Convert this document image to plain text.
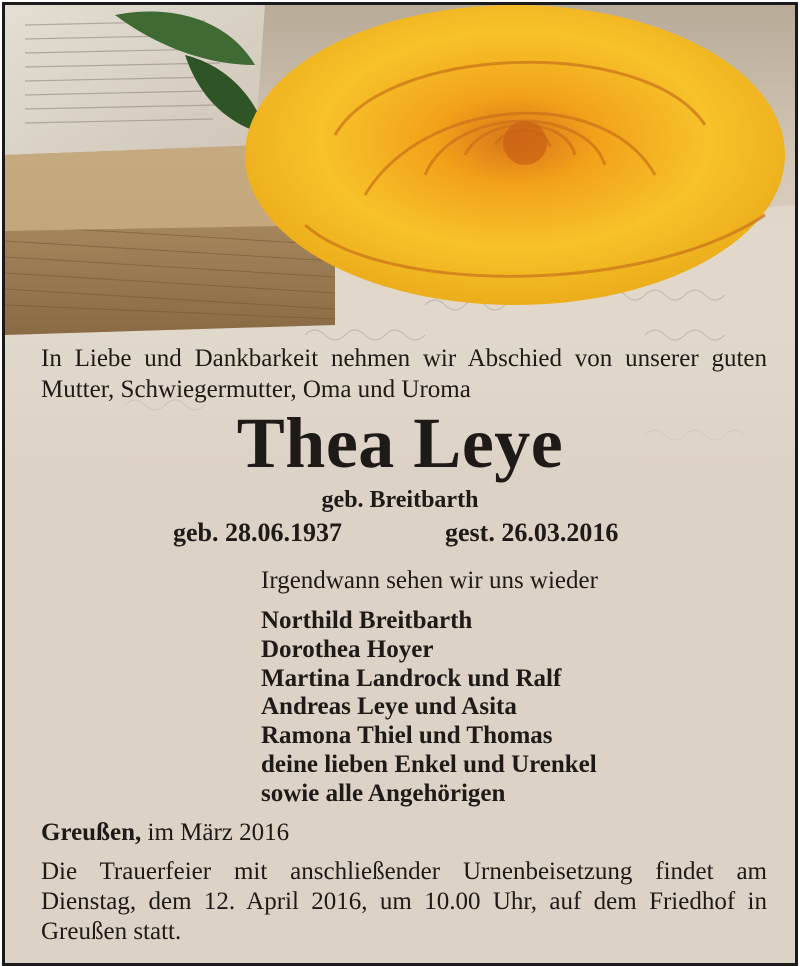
In Liebe und Dankbarkeit nehmen wir Abschied von unserer guten Mutter, Schwiegermutter, Oma und Uroma
Thea Leye
geb. Breitbarth
geb. 28.06.1937	gest. 26.03.2016
Irgendwann sehen wir uns wieder
Northild Breitbarth
Dorothea Hoyer
Martina Landrock und Ralf
Andreas Leye und Asita
Ramona Thiel und Thomas
deine lieben Enkel und Urenkel
sowie alle Angehörigen
Greußen, im März 2016
Die Trauerfeier mit anschließender Urnenbeisetzung findet am Dienstag, dem 12. April 2016, um 10.00 Uhr, auf dem Friedhof in Greußen statt.
